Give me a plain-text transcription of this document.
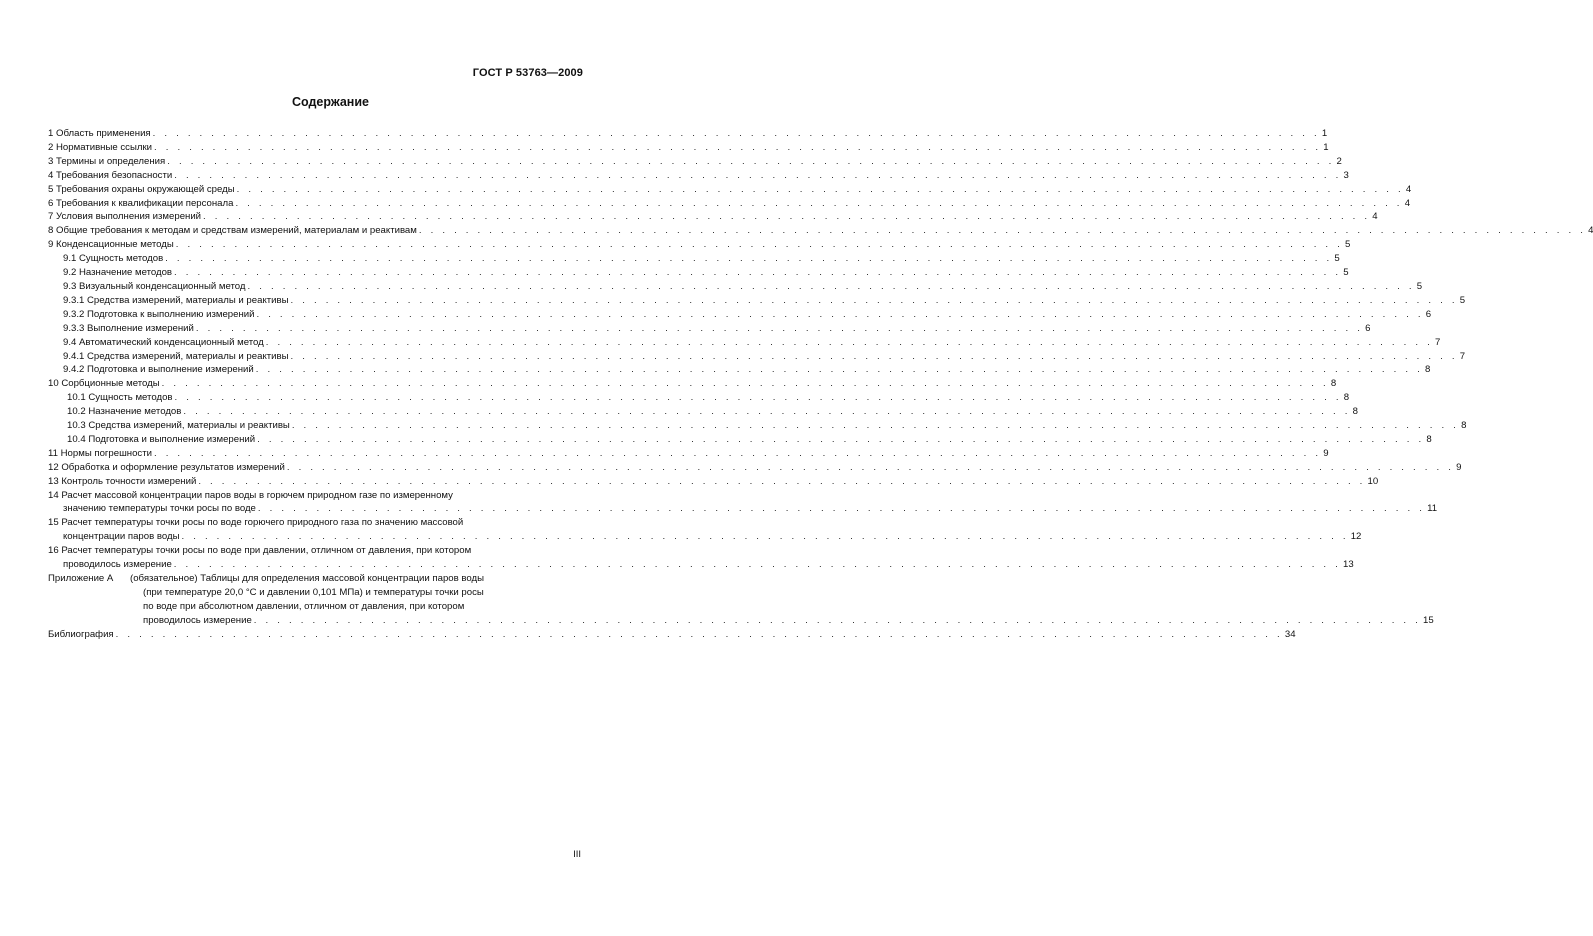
ГОСТ Р 53763—2009
Содержание
1 Область применения . . . . . . . . . . . . . . . . . . . . . . . . . . . . . . . . . . . . . . . . . . . . . . . . . . . . . . . . . . . . . . . . . . . . . . . . . . . . . . . . . . . . . . . . . . . . . . . . . . . . 1
2 Нормативные ссылки . . . . . . . . . . . . . . . . . . . . . . . . . . . . . . . . . . . . . . . . . . . . . . . . . . . . . . . . . . . . . . . . . . . . . . . . . . . . . . . . . . . . . . . . . . . . . . . . . . . . 1
3 Термины и определения . . . . . . . . . . . . . . . . . . . . . . . . . . . . . . . . . . . . . . . . . . . . . . . . . . . . . . . . . . . . . . . . . . . . . . . . . . . . . . . . . . . . . . . . . . . . . . . . . . . . 2
4 Требования безопасности . . . . . . . . . . . . . . . . . . . . . . . . . . . . . . . . . . . . . . . . . . . . . . . . . . . . . . . . . . . . . . . . . . . . . . . . . . . . . . . . . . . . . . . . . . . . . . . . . . . . 3
5 Требования охраны окружающей среды . . . . . . . . . . . . . . . . . . . . . . . . . . . . . . . . . . . . . . . . . . . . . . . . . . . . . . . . . . . . . . . . . . . . . . . . . . . . . . . . . . . . . . . . . . . . . . . . . . . . 4
6 Требования к квалификации персонала . . . . . . . . . . . . . . . . . . . . . . . . . . . . . . . . . . . . . . . . . . . . . . . . . . . . . . . . . . . . . . . . . . . . . . . . . . . . . . . . . . . . . . . . . . . . . . . . . . . . 4
7 Условия выполнения измерений . . . . . . . . . . . . . . . . . . . . . . . . . . . . . . . . . . . . . . . . . . . . . . . . . . . . . . . . . . . . . . . . . . . . . . . . . . . . . . . . . . . . . . . . . . . . . . . . . . . . 4
8 Общие требования к методам и средствам измерений, материалам и реактивам . . . . . . . . . . . . . . . . . . . . . . . . . . . . . . . . . . . . . . . . . . . . . . . . . . . . . . . . . . . . . . . . . . . . . . . . . . . . . . . . . . . . . . . . . . . . . . . . . . . . 4
9 Конденсационные методы . . . . . . . . . . . . . . . . . . . . . . . . . . . . . . . . . . . . . . . . . . . . . . . . . . . . . . . . . . . . . . . . . . . . . . . . . . . . . . . . . . . . . . . . . . . . . . . . . . . . 5
9.1 Сущность методов . . . . . . . . . . . . . . . . . . . . . . . . . . . . . . . . . . . . . . . . . . . . . . . . . . . . . . . . . . . . . . . . . . . . . . . . . . . . . . . . . . . . . . . . . . . . . . . . . . . . 5
9.2 Назначение методов . . . . . . . . . . . . . . . . . . . . . . . . . . . . . . . . . . . . . . . . . . . . . . . . . . . . . . . . . . . . . . . . . . . . . . . . . . . . . . . . . . . . . . . . . . . . . . . . . . . . 5
9.3 Визуальный конденсационный метод . . . . . . . . . . . . . . . . . . . . . . . . . . . . . . . . . . . . . . . . . . . . . . . . . . . . . . . . . . . . . . . . . . . . . . . . . . . . . . . . . . . . . . . . . . . . . . . . . . . . 5
9.3.1 Средства измерений, материалы и реактивы . . . . . . . . . . . . . . . . . . . . . . . . . . . . . . . . . . . . . . . . . . . . . . . . . . . . . . . . . . . . . . . . . . . . . . . . . . . . . . . . . . . . . . . . . . . . . . . . . . . . 5
9.3.2 Подготовка к выполнению измерений . . . . . . . . . . . . . . . . . . . . . . . . . . . . . . . . . . . . . . . . . . . . . . . . . . . . . . . . . . . . . . . . . . . . . . . . . . . . . . . . . . . . . . . . . . . . . . . . . . . . 6
9.3.3 Выполнение измерений . . . . . . . . . . . . . . . . . . . . . . . . . . . . . . . . . . . . . . . . . . . . . . . . . . . . . . . . . . . . . . . . . . . . . . . . . . . . . . . . . . . . . . . . . . . . . . . . . . . . 6
9.4 Автоматический конденсационный метод . . . . . . . . . . . . . . . . . . . . . . . . . . . . . . . . . . . . . . . . . . . . . . . . . . . . . . . . . . . . . . . . . . . . . . . . . . . . . . . . . . . . . . . . . . . . . . . . . . . . 7
9.4.1 Средства измерений, материалы и реактивы . . . . . . . . . . . . . . . . . . . . . . . . . . . . . . . . . . . . . . . . . . . . . . . . . . . . . . . . . . . . . . . . . . . . . . . . . . . . . . . . . . . . . . . . . . . . . . . . . . . . 7
9.4.2 Подготовка и выполнение измерений . . . . . . . . . . . . . . . . . . . . . . . . . . . . . . . . . . . . . . . . . . . . . . . . . . . . . . . . . . . . . . . . . . . . . . . . . . . . . . . . . . . . . . . . . . . . . . . . . . . . 8
10 Сорбционные методы . . . . . . . . . . . . . . . . . . . . . . . . . . . . . . . . . . . . . . . . . . . . . . . . . . . . . . . . . . . . . . . . . . . . . . . . . . . . . . . . . . . . . . . . . . . . . . . . . . . . 8
10.1 Сущность методов . . . . . . . . . . . . . . . . . . . . . . . . . . . . . . . . . . . . . . . . . . . . . . . . . . . . . . . . . . . . . . . . . . . . . . . . . . . . . . . . . . . . . . . . . . . . . . . . . . . . 8
10.2 Назначение методов . . . . . . . . . . . . . . . . . . . . . . . . . . . . . . . . . . . . . . . . . . . . . . . . . . . . . . . . . . . . . . . . . . . . . . . . . . . . . . . . . . . . . . . . . . . . . . . . . . . . 8
10.3 Средства измерений, материалы и реактивы . . . . . . . . . . . . . . . . . . . . . . . . . . . . . . . . . . . . . . . . . . . . . . . . . . . . . . . . . . . . . . . . . . . . . . . . . . . . . . . . . . . . . . . . . . . . . . . . . . . . 8
10.4 Подготовка и выполнение измерений . . . . . . . . . . . . . . . . . . . . . . . . . . . . . . . . . . . . . . . . . . . . . . . . . . . . . . . . . . . . . . . . . . . . . . . . . . . . . . . . . . . . . . . . . . . . . . . . . . . . 8
11 Нормы погрешности . . . . . . . . . . . . . . . . . . . . . . . . . . . . . . . . . . . . . . . . . . . . . . . . . . . . . . . . . . . . . . . . . . . . . . . . . . . . . . . . . . . . . . . . . . . . . . . . . . . . 9
12 Обработка и оформление результатов измерений . . . . . . . . . . . . . . . . . . . . . . . . . . . . . . . . . . . . . . . . . . . . . . . . . . . . . . . . . . . . . . . . . . . . . . . . . . . . . . . . . . . . . . . . . . . . . . . . . . . . 9
13 Контроль точности измерений . . . . . . . . . . . . . . . . . . . . . . . . . . . . . . . . . . . . . . . . . . . . . . . . . . . . . . . . . . . . . . . . . . . . . . . . . . . . . . . . . . . . . . . . . . . . . . . . . . . . 10
14 Расчет массовой концентрации паров воды в горючем природном газе по измеренному
значению температуры точки росы по воде . . . . . . . . . . . . . . . . . . . . . . . . . . . . . . . . . . . . . . . . . . . . . . . . . . . . . . . . . . . . . . . . . . . . . . . . . . . . . . . . . . . . . . . . . . . . . . . . . . . . 11
15 Расчет температуры точки росы по воде горючего природного газа по значению массовой
концентрации паров воды . . . . . . . . . . . . . . . . . . . . . . . . . . . . . . . . . . . . . . . . . . . . . . . . . . . . . . . . . . . . . . . . . . . . . . . . . . . . . . . . . . . . . . . . . . . . . . . . . . . . 12
16 Расчет температуры точки росы по воде при давлении, отличном от давления, при котором
проводилось измерение . . . . . . . . . . . . . . . . . . . . . . . . . . . . . . . . . . . . . . . . . . . . . . . . . . . . . . . . . . . . . . . . . . . . . . . . . . . . . . . . . . . . . . . . . . . . . . . . . . . . 13
Приложение А	(обязательное) Таблицы для определения массовой концентрации паров воды
(при температуре 20,0 °С и давлении 0,101 МПа) и температуры точки росы
по воде при абсолютном давлении, отличном от давления, при котором
проводилось измерение . . . . . . . . . . . . . . . . . . . . . . . . . . . . . . . . . . . . . . . . . . . . . . . . . . . . . . . . . . . . . . . . . . . . . . . . . . . . . . . . . . . . . . . . . . . . . . . . . . . . 15
Библиография . . . . . . . . . . . . . . . . . . . . . . . . . . . . . . . . . . . . . . . . . . . . . . . . . . . . . . . . . . . . . . . . . . . . . . . . . . . . . . . . . . . . . . . . . . . . . . . . . . . . 34
III
